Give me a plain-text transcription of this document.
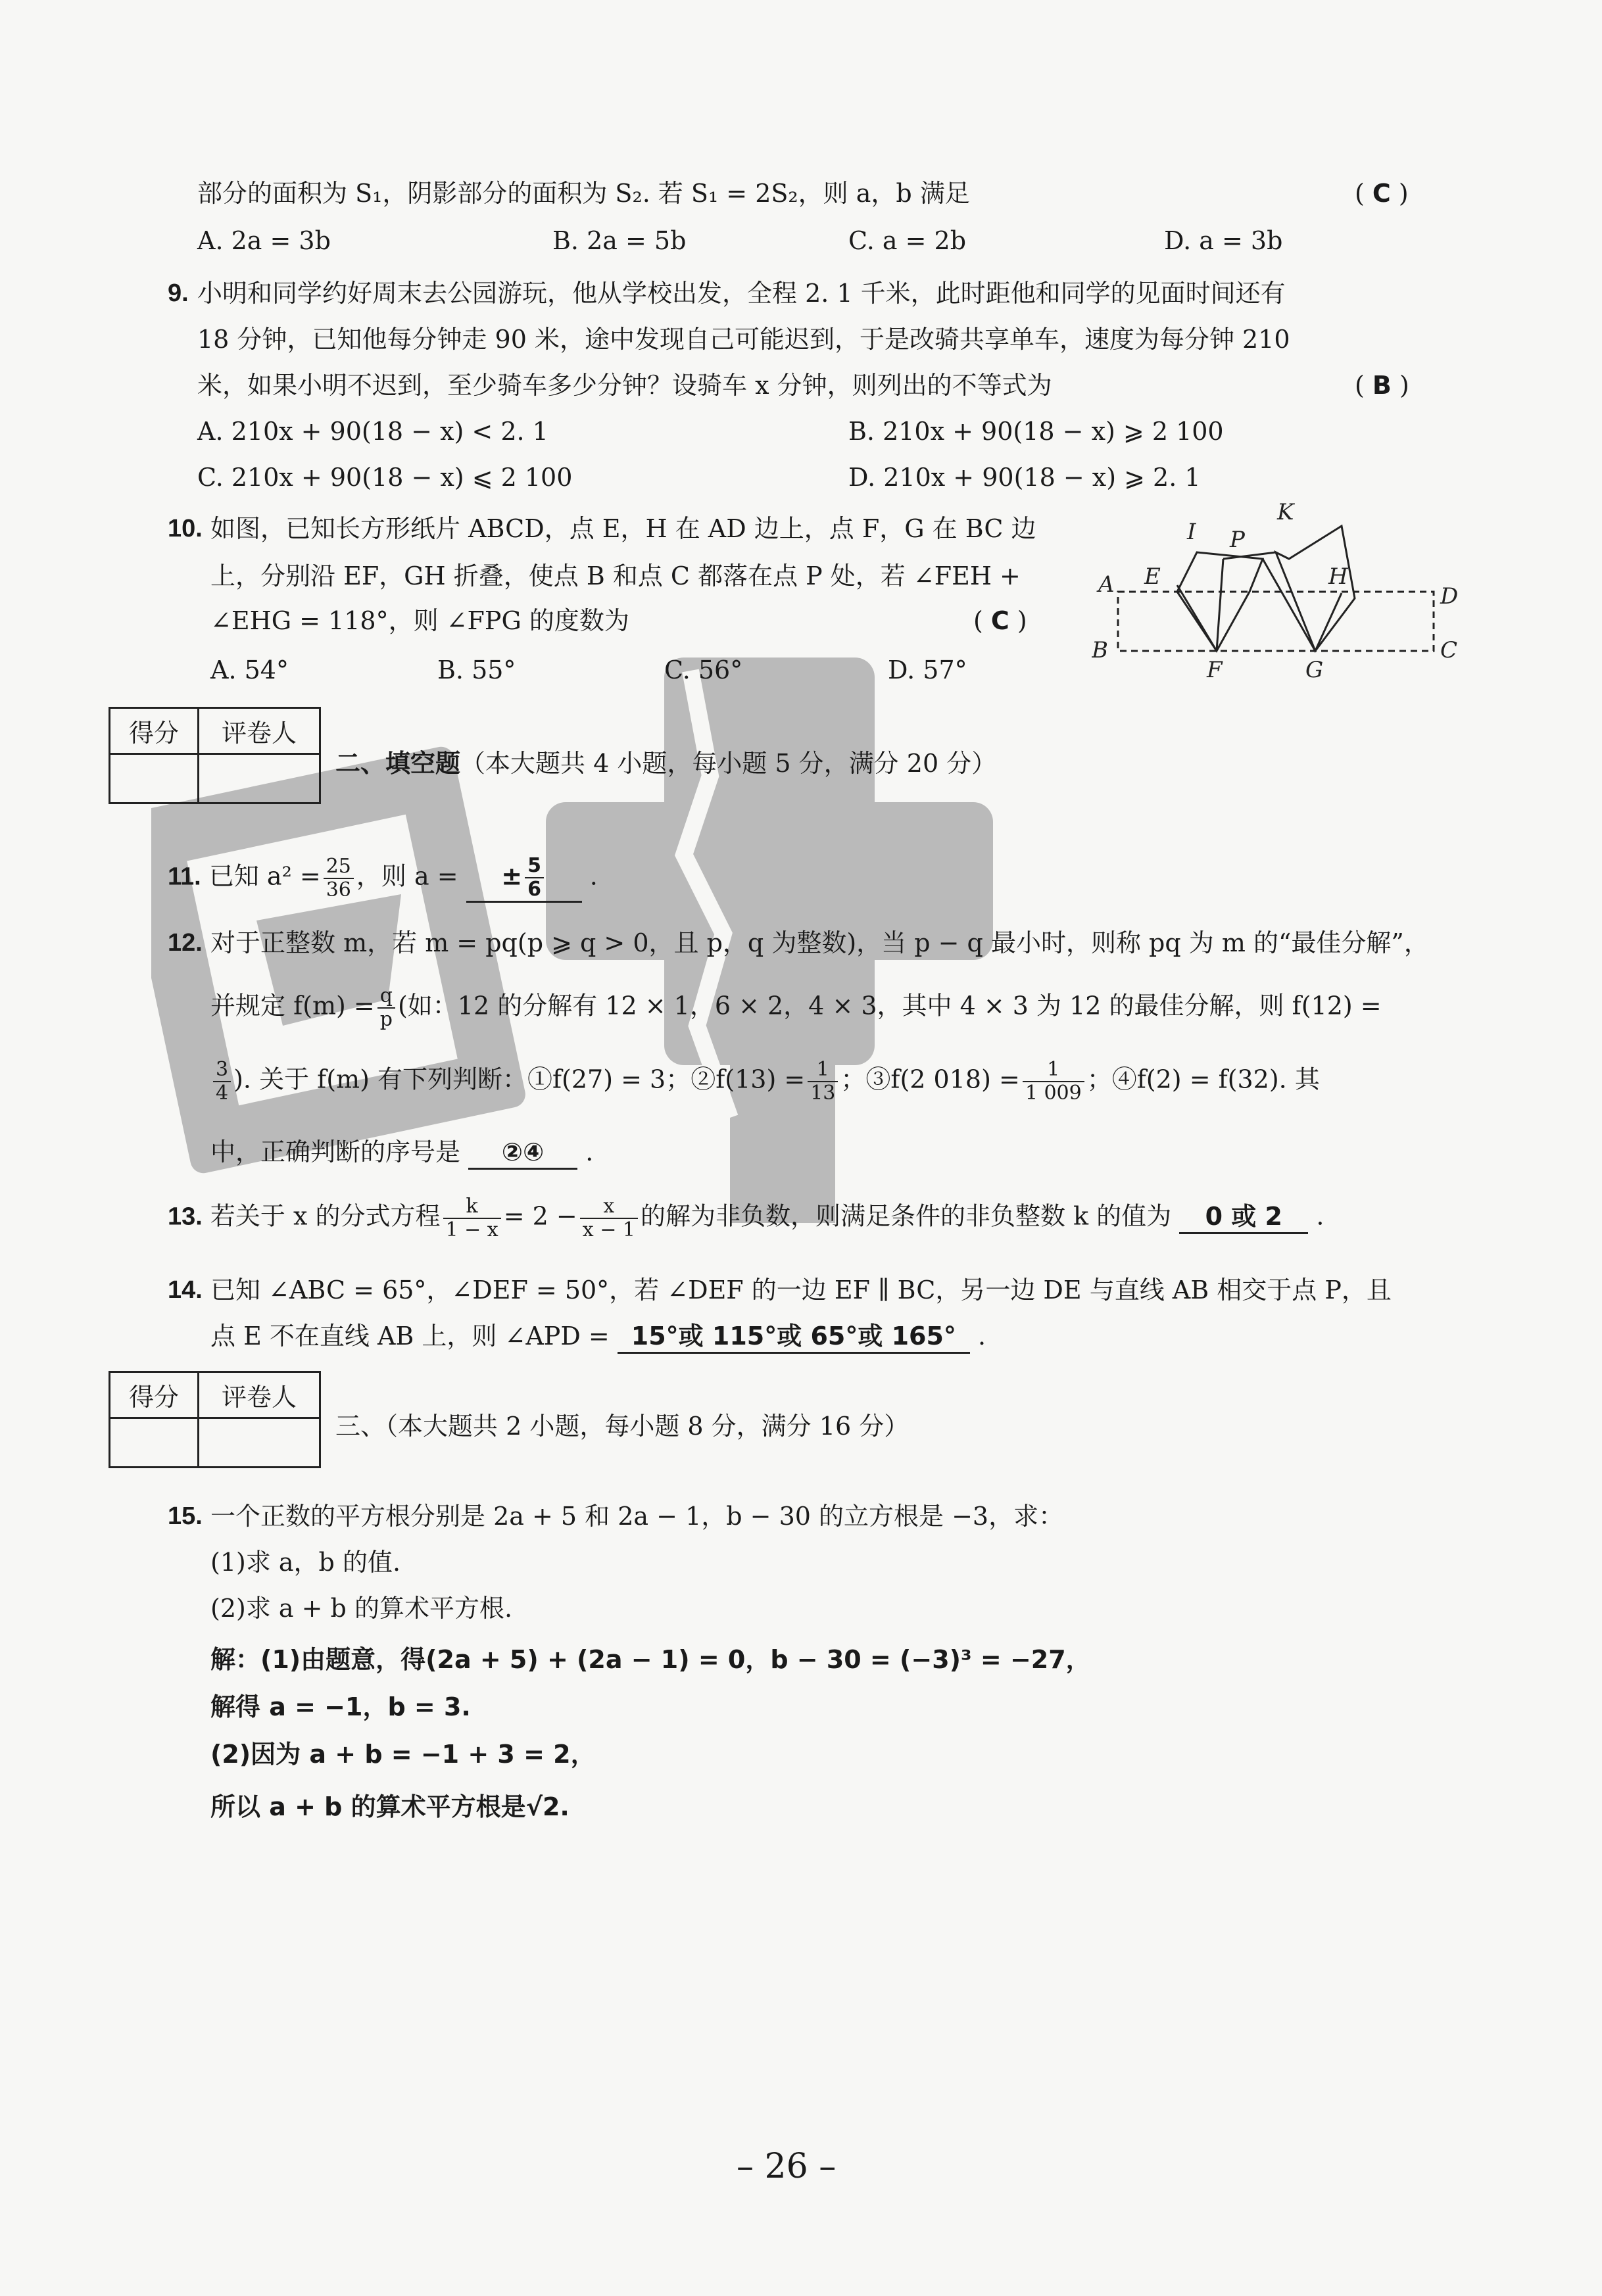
部分的面积为 S₁，阴影部分的面积为 S₂. 若 S₁ = 2S₂，则 a，b 满足	( C )
A. 2a = 3b	B. 2a = 5b	C. a = 2b	D. a = 3b
9. 小明和同学约好周末去公园游玩，他从学校出发，全程 2. 1 千米，此时距他和同学的见面时间还有
18 分钟，已知他每分钟走 90 米，途中发现自己可能迟到，于是改骑共享单车，速度为每分钟 210
米，如果小明不迟到，至少骑车多少分钟？设骑车 x 分钟，则列出的不等式为	( B )
A. 210x + 90(18 − x) < 2. 1	B. 210x + 90(18 − x) ⩾ 2 100
C. 210x + 90(18 − x) ⩽ 2 100	D. 210x + 90(18 − x) ⩾ 2. 1
10. 如图，已知长方形纸片 ABCD，点 E，H 在 AD 边上，点 F，G 在 BC 边
上，分别沿 EF，GH 折叠，使点 B 和点 C 都落在点 P 处，若 ∠FEH +
∠EHG = 118°，则 ∠FPG 的度数为	( C )
A. 54°	B. 55°	C. 56°	D. 57°
I
K
P
A E	H
D
B
F	G
C
得分	评卷人

二、填空题（本大题共 4 小题，每小题 5 分，满分 20 分）
11. 已知 $a^2 = \frac{25}{36}$ ，则 a = ± $\frac{5}{6}$ .
12. 对于正整数 m，若 m = pq(p ⩾ q > 0，且 p，q 为整数)，当 p − q 最小时，则称 pq 为 m 的“最佳分解”，
并规定 $f(m) = \frac{q}{p}$ (如：12 的分解有 12 × 1，6 × 2，4 × 3，其中 4 × 3 为 12 的最佳分解，则 f(12) =
$\frac{3}{4}$ ). 关于 f(m) 有下列判断：①f(27) = 3；②f(13) = $\frac{1}{13}$ ；③f(2 $018) = \frac{1}{1 009}$ ；④f(2) = f(32). 其
中，正确判断的序号是 ②④ .
13. 若关于 x 的分式方程 $\frac{k}{1 - x} = 2 - \frac{x}{x - 1}$ 的解为非负数，则满足条件的非负整数 k 的值为 0 或 2 .
14. 已知 ∠ABC = 65°，∠DEF = 50°，若 ∠DEF 的一边 EF ∥ BC，另一边 DE 与直线 AB 相交于点 P，且
点 E 不在直线 AB 上，则 ∠APD = 15°或 115°或 65°或 165° .
得分	评卷人

三、（本大题共 2 小题，每小题 8 分，满分 16 分）
15. 一个正数的平方根分别是 2a + 5 和 2a − 1，b − 30 的立方根是 −3，求：
(1)求 a，b 的值.
(2)求 a + b 的算术平方根.
解：(1)由题意，得(2a + 5) + (2a − 1) = 0，b − 30 = (−3)³ = −27，
解得 a = −1，b = 3.
(2)因为 a + b = −1 + 3 = 2，
所以 a + b 的算术平方根是√2.
– 26 –
